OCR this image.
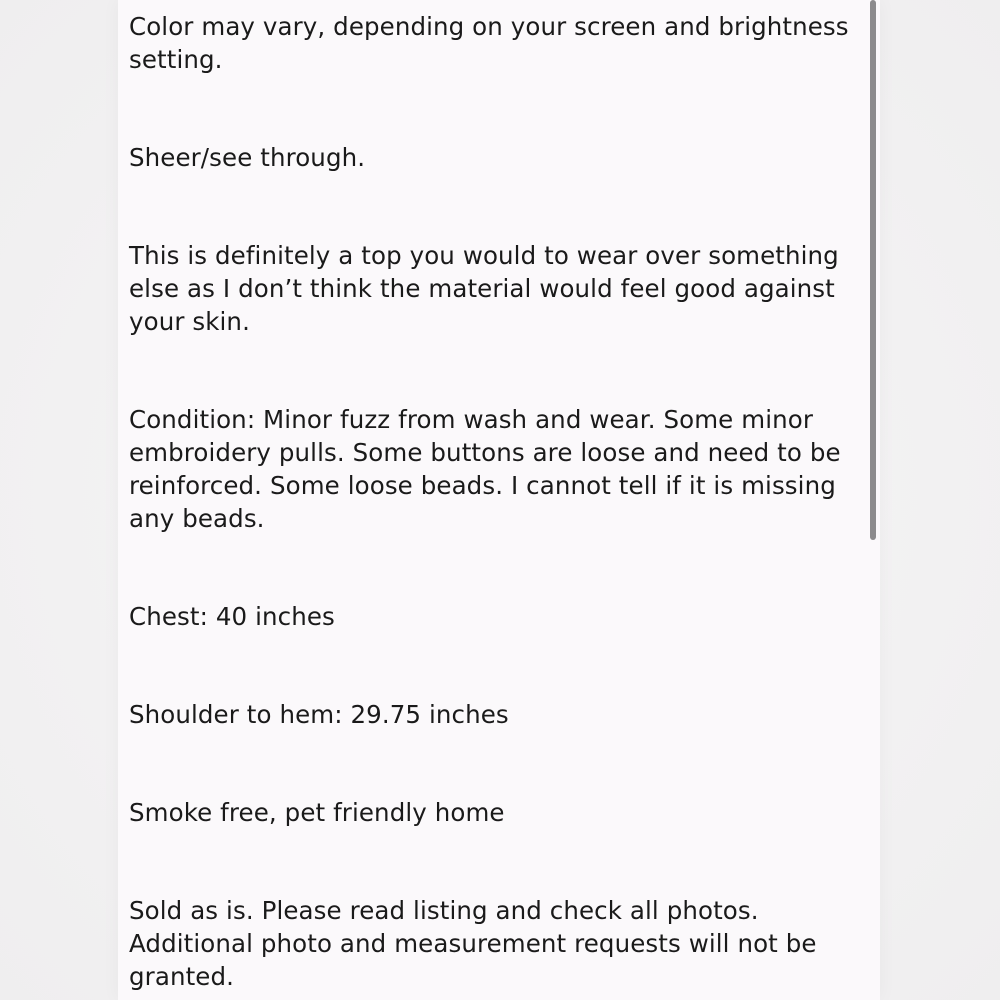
Color may vary, depending on your screen and brightness
setting.

Sheer/see through.

This is definitely a top you would to wear over something
else as I don’t think the material would feel good against
your skin.

Condition: Minor fuzz from wash and wear. Some minor
embroidery pulls. Some buttons are loose and need to be
reinforced. Some loose beads. I cannot tell if it is missing
any beads.

Chest: 40 inches

Shoulder to hem: 29.75 inches

Smoke free, pet friendly home

Sold as is. Please read listing and check all photos.
Additional photo and measurement requests will not be
granted.
